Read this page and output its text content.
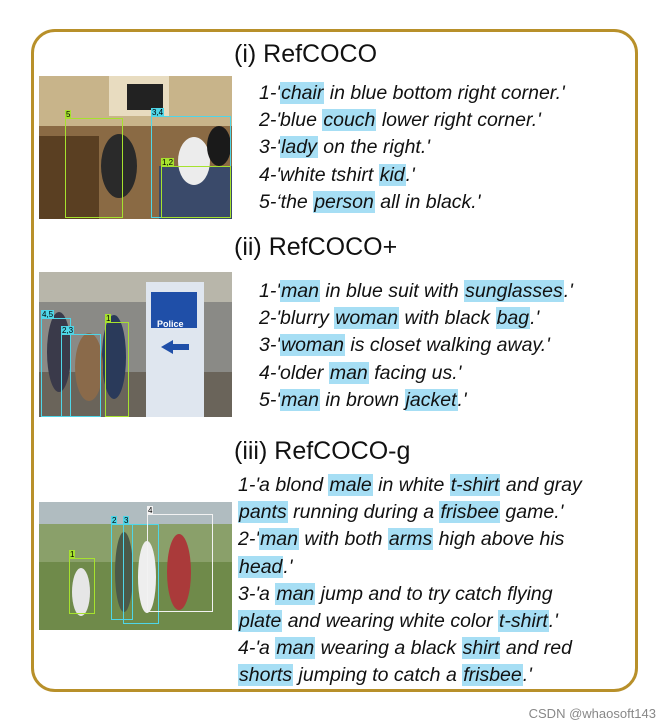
(i) RefCOCO
5	3,4
1,2
1-'chair in blue bottom right corner.'
2-'blue couch lower right corner.'
3-'lady on the right.'
4-'white tshirt kid.'
5-‘the person all in black.'
(ii) RefCOCO+
Police
4,5
2,3
1
1-'man in blue suit with sunglasses.'
2-'blurry woman with black bag.'
3-'woman is closet walking away.'
4-'older man facing us.'
5-'man in brown jacket.'
(iii) RefCOCO-g
1
2 3
4
1-'a blond male in white t-shirt and gray
pants running during a frisbee game.'
2-'man with both arms high above his
head.'
3-'a man jump and to try catch flying
plate and wearing white color t-shirt.'
4-'a man wearing a black shirt and red
shorts jumping to catch a frisbee.'
CSDN @whaosoft143
